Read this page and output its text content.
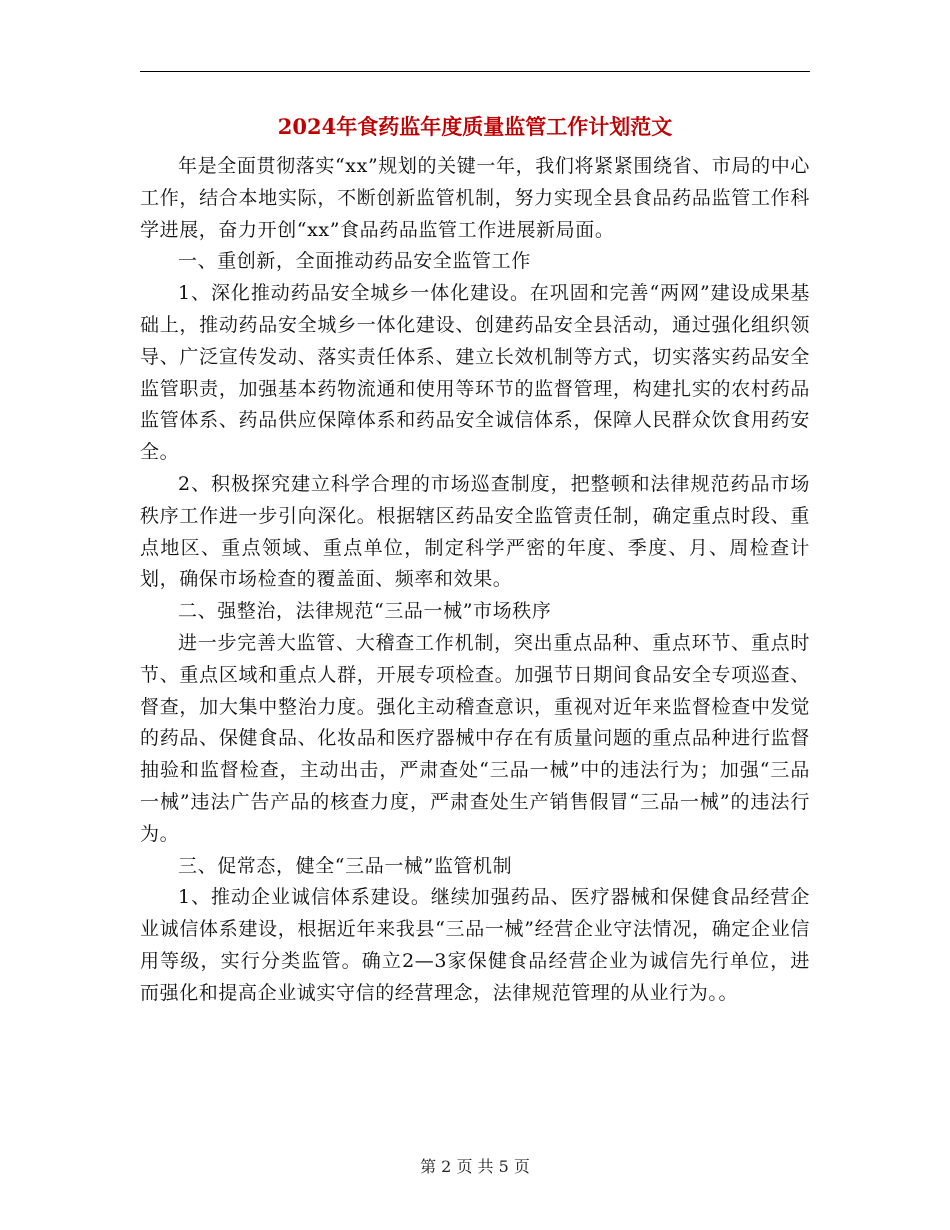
2024年食药监年度质量监管工作计划范文

年是全面贯彻落实“xx”规划的关键一年，我们将紧紧围绕省、市局的中心工作，结合本地实际，不断创新监管机制，努力实现全县食品药品监管工作科学进展，奋力开创“xx”食品药品监管工作进展新局面。

一、重创新，全面推动药品安全监管工作

1、深化推动药品安全城乡一体化建设。在巩固和完善“两网”建设成果基础上，推动药品安全城乡一体化建设、创建药品安全县活动，通过强化组织领导、广泛宣传发动、落实责任体系、建立长效机制等方式，切实落实药品安全监管职责，加强基本药物流通和使用等环节的监督管理，构建扎实的农村药品监管体系、药品供应保障体系和药品安全诚信体系，保障人民群众饮食用药安全。

2、积极探究建立科学合理的市场巡查制度，把整顿和法律规范药品市场秩序工作进一步引向深化。根据辖区药品安全监管责任制，确定重点时段、重点地区、重点领域、重点单位，制定科学严密的年度、季度、月、周检查计划，确保市场检查的覆盖面、频率和效果。

二、强整治，法律规范“三品一械”市场秩序

进一步完善大监管、大稽查工作机制，突出重点品种、重点环节、重点时节、重点区域和重点人群，开展专项检查。加强节日期间食品安全专项巡查、督查，加大集中整治力度。强化主动稽查意识，重视对近年来监督检查中发觉的药品、保健食品、化妆品和医疗器械中存在有质量问题的重点品种进行监督抽验和监督检查，主动出击，严肃查处“三品一械”中的违法行为；加强“三品一械”违法广告产品的核查力度，严肃查处生产销售假冒“三品一械”的违法行为。

三、促常态，健全“三品一械”监管机制

1、推动企业诚信体系建设。继续加强药品、医疗器械和保健食品经营企业诚信体系建设，根据近年来我县“三品一械”经营企业守法情况，确定企业信用等级，实行分类监管。确立2—3家保健食品经营企业为诚信先行单位，进而强化和提高企业诚实守信的经营理念，法律规范管理的从业行为。。

第 2 页 共 5 页
